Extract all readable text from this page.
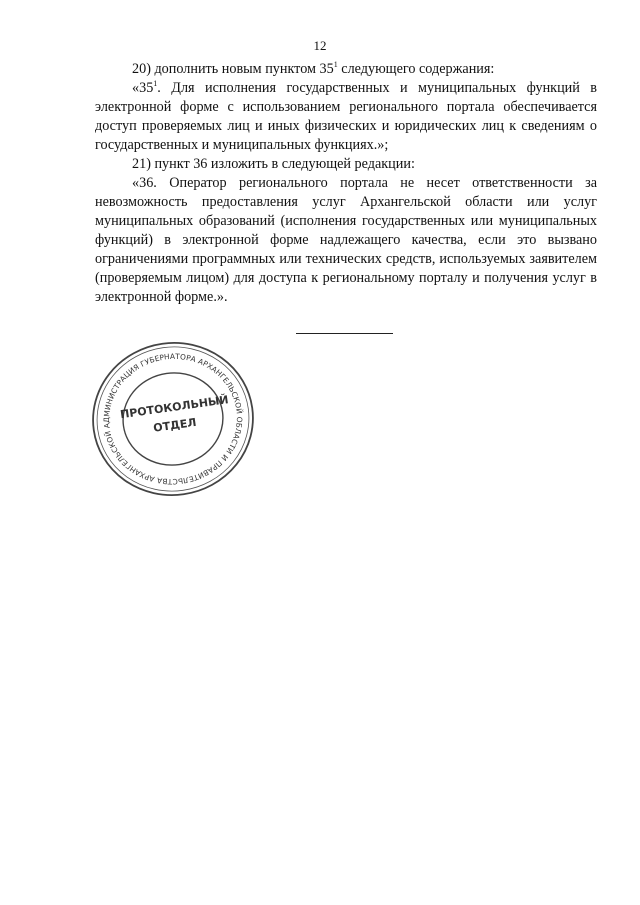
12

20) дополнить новым пунктом $35^1$ следующего содержания:

«$35^1$. Для исполнения государственных и муниципальных функций в электронной форме с использованием регионального портала обеспечивается доступ проверяемых лиц и иных физических и юридических лиц к сведениям о государственных и муниципальных функциях.»;

21) пункт 36 изложить в следующей редакции:

«36. Оператор регионального портала не несет ответственности за невозможность предоставления услуг Архангельской области или услуг муниципальных образований (исполнения государственных или муниципальных функций) в электронной форме надлежащего качества, если это вызвано ограничениями программных или технических средств, используемых заявителем (проверяемым лицом) для доступа к региональному порталу и получения услуг в электронной форме.».

АДМИНИСТРАЦИЯ ГУБЕРНАТОРА АРХАНГЕЛЬСКОЙ ОБЛАСТИ И ПРАВИТЕЛЬСТВА АРХАНГЕЛЬСКОЙ
ПРОТОКОЛЬНЫЙ
ОТДЕЛ
